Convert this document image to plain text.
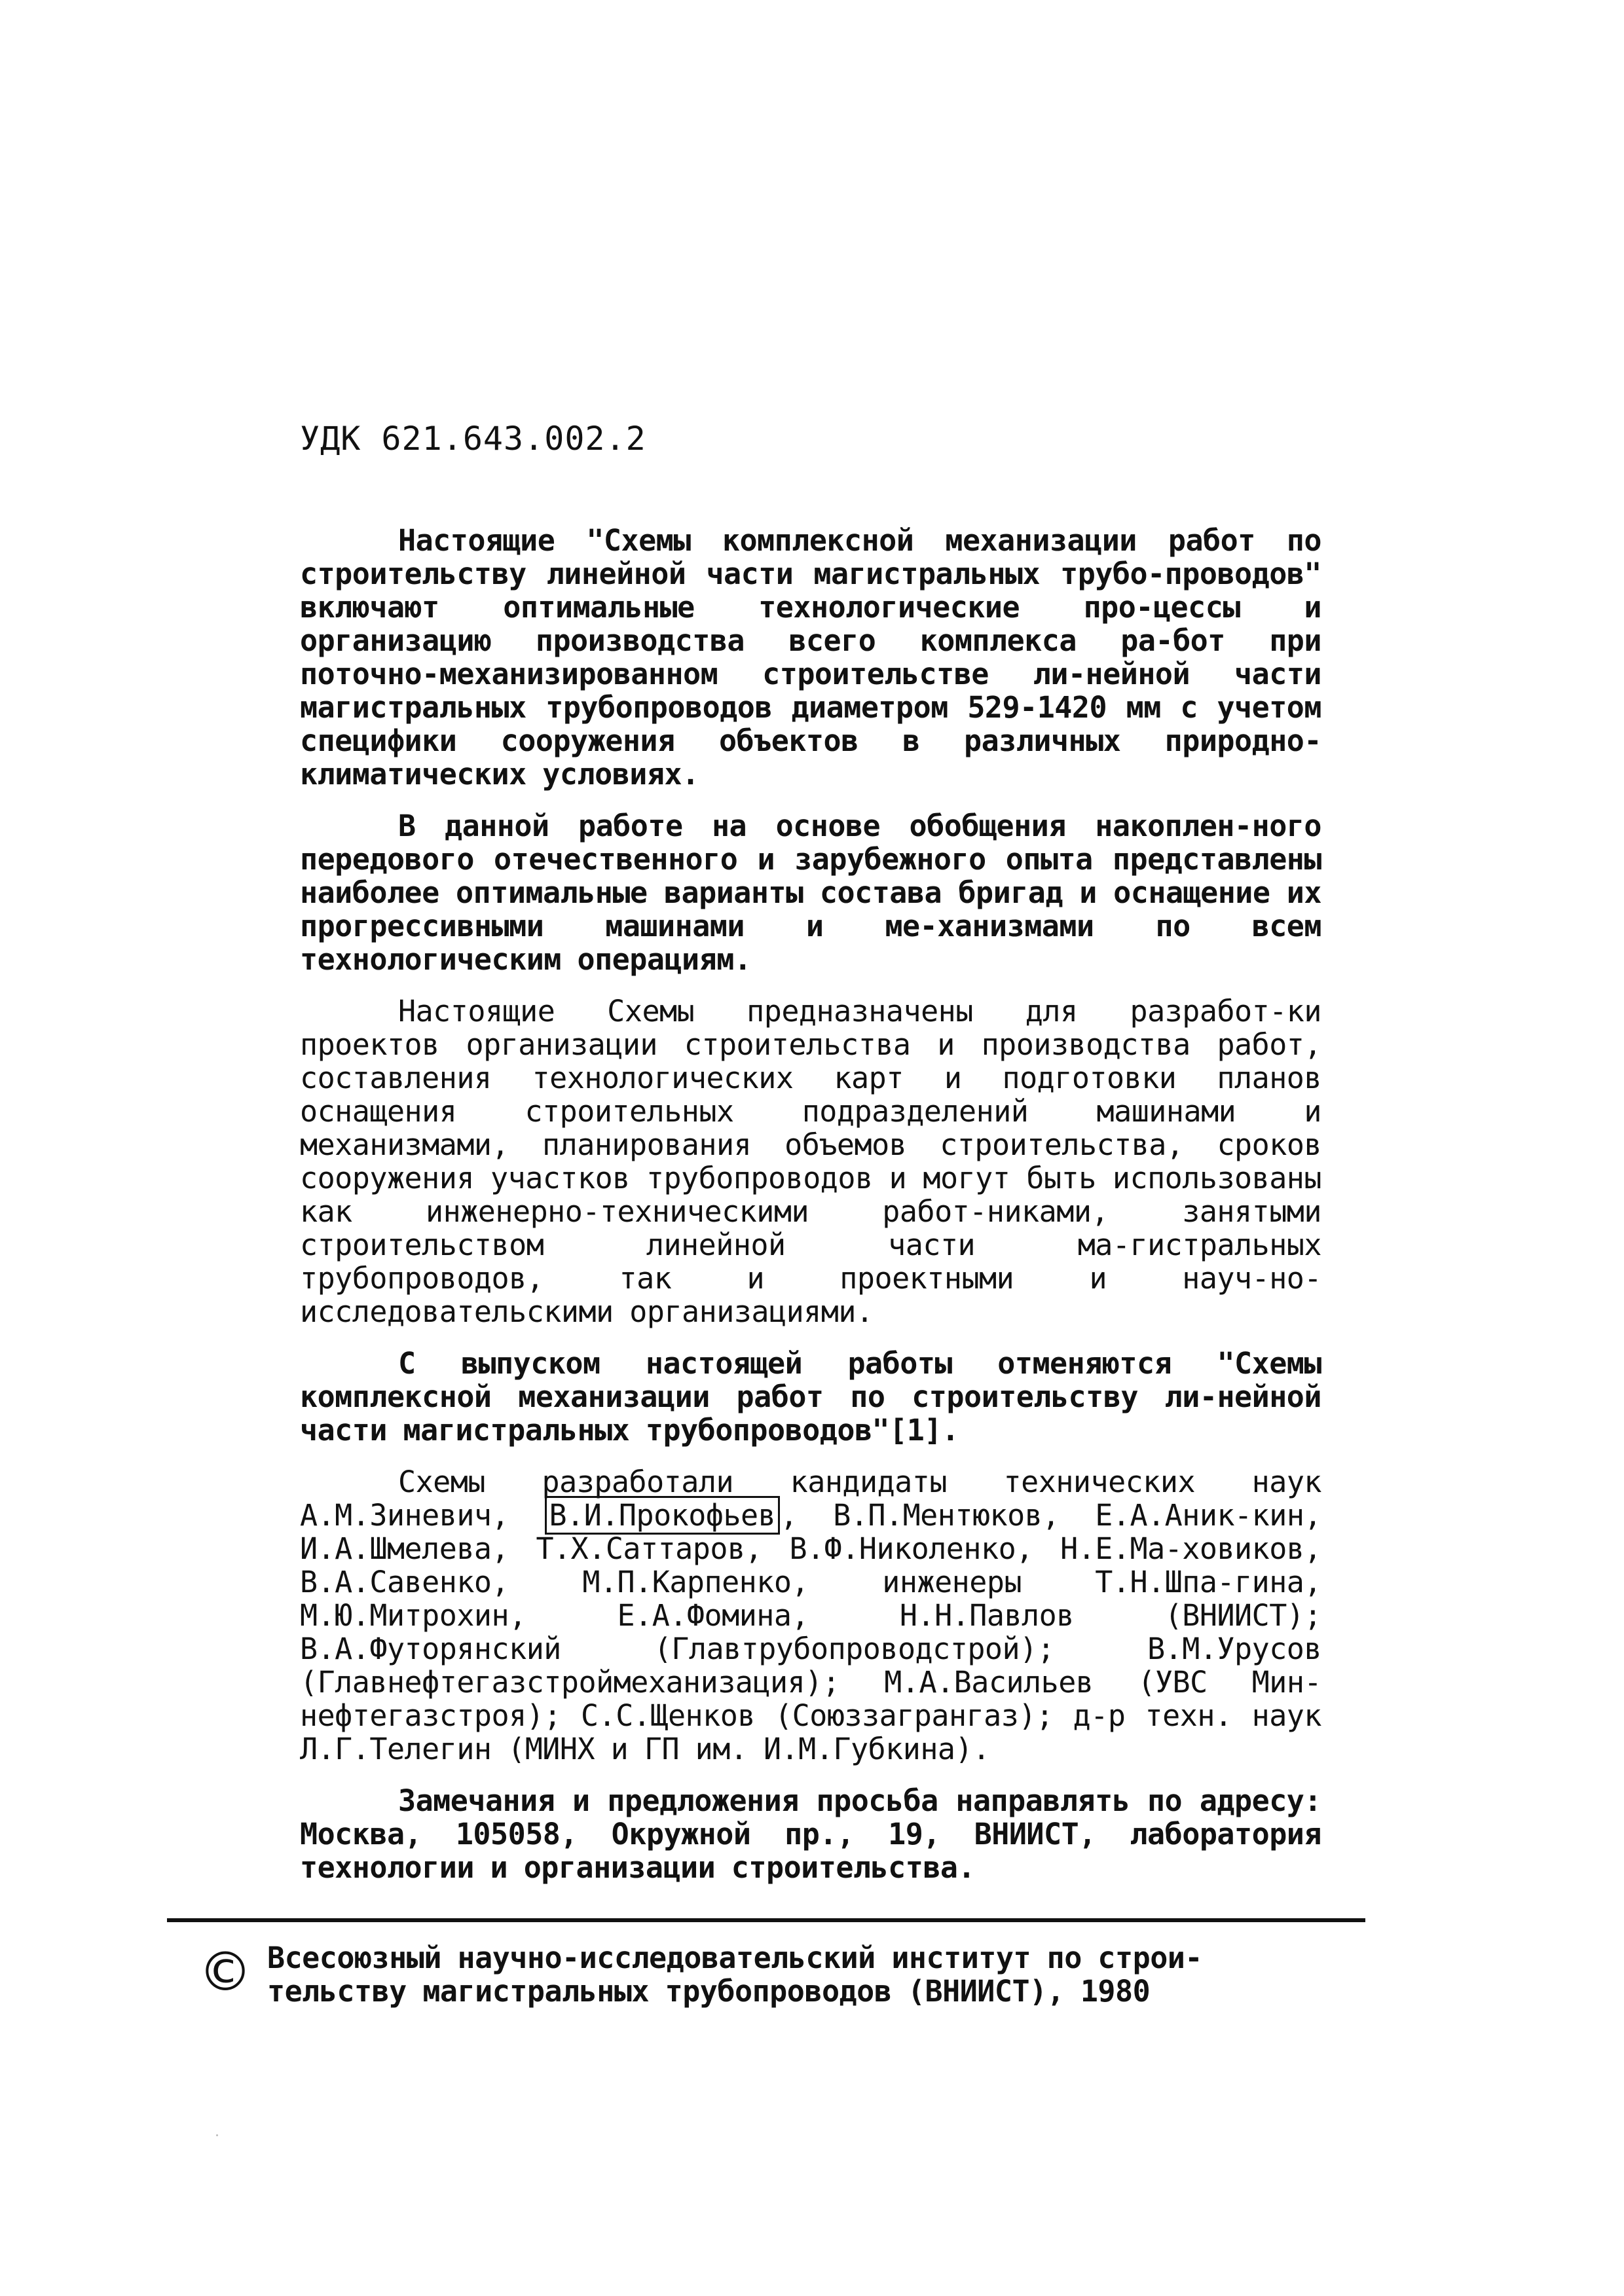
УДК 621.643.002.2

Настоящие "Схемы комплексной механизации работ по строительству линейной части магистральных трубо-проводов" включают оптимальные технологические про-цессы и организацию производства всего комплекса ра-бот при поточно-механизированном строительстве ли-нейной части магистральных трубопроводов диаметром 529-1420 мм с учетом специфики сооружения объектов в различных природно-климатических условиях.

В данной работе на основе обобщения накоплен-ного передового отечественного и зарубежного опыта представлены наиболее оптимальные варианты состава бригад и оснащение их прогрессивными машинами и ме-ханизмами по всем технологическим операциям.

Настоящие Схемы предназначены для разработ-ки проектов организации строительства и производства работ, составления технологических карт и подготовки планов оснащения строительных подразделений машинами и механизмами, планирования объемов строительства, сроков сооружения участков трубопроводов и могут быть использованы как инженерно-техническими работ-никами, занятыми строительством линейной части ма-гистральных трубопроводов, так и проектными и науч-но-исследовательскими организациями.

С выпуском настоящей работы отменяются "Схемы комплексной механизации работ по строительству ли-нейной части магистральных трубопроводов"[1].

Схемы разработали кандидаты технических наук А.М.Зиневич, В.И.Прокофьев , В.П.Ментюков, Е.А.Аник-кин, И.А.Шмелева, Т.Х.Саттаров, В.Ф.Николенко, Н.Е.Ма-ховиков, В.А.Савенко, М.П.Карпенко, инженеры Т.Н.Шпа-гина, М.Ю.Митрохин, Е.А.Фомина, Н.Н.Павлов (ВНИИСТ); В.А.Футорянский (Главтрубопроводстрой); В.М.Урусов (Главнефтегазстроймеханизация); М.А.Васильев (УВС Мин-нефтегазстроя); С.С.Щенков (Союззагрангаз); д-р техн. наук Л.Г.Телегин (МИНХ и ГП им. И.М.Губкина).

Замечания и предложения просьба направлять по адресу: Москва, 105058, Окружной пр., 19, ВНИИСТ, лаборатория технологии и организации строительства.

© Всесоюзный научно-исследовательский институт по строи-тельству магистральных трубопроводов (ВНИИСТ), 1980
